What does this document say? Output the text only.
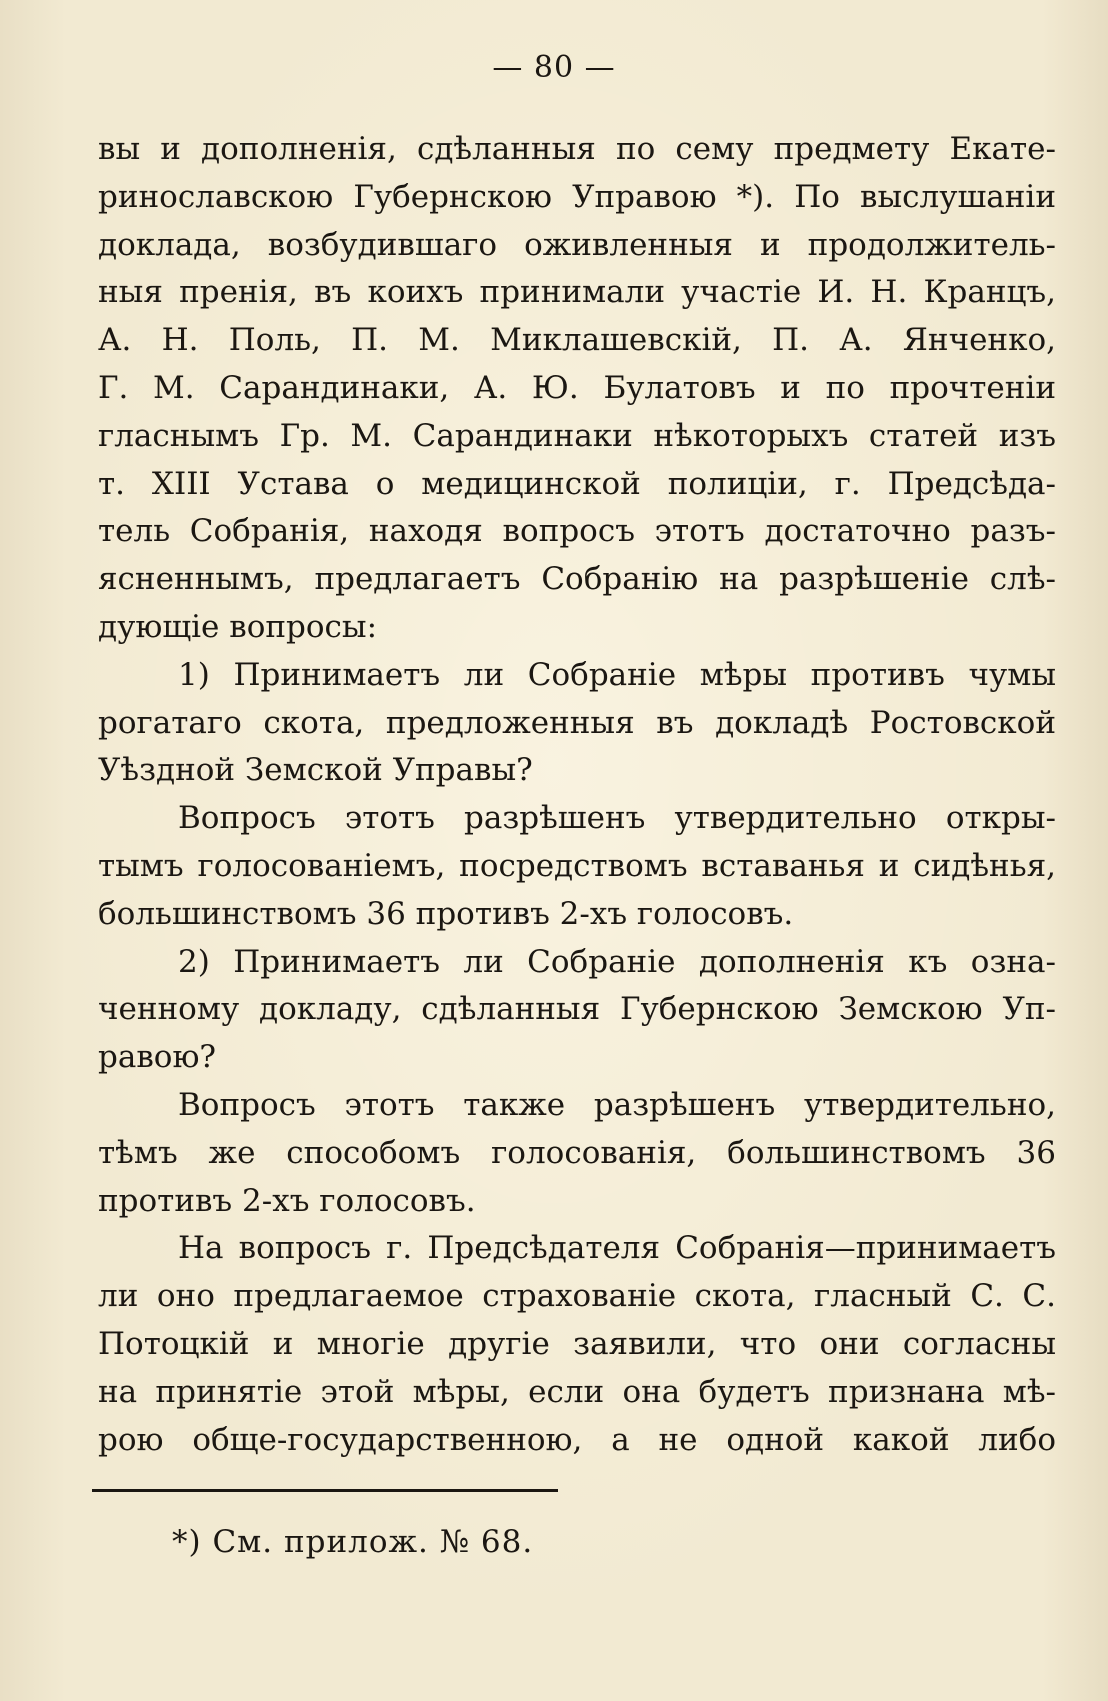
— 80 —
вы и дополненія, сдѣланныя по сему предмету Екате-
ринославскою Губернскою Управою *). По выслушаніи
доклада, возбудившаго оживленныя и продолжитель-
ныя пренія, въ коихъ принимали участіе И. Н. Кранцъ,
А. Н. Поль, П. М. Миклашевскій, П. А. Янченко,
Г. М. Сарандинаки, А. Ю. Булатовъ и по прочтеніи
гласнымъ Гр. М. Сарандинаки нѣкоторыхъ статей изъ
т. XIII Устава о медицинской полиціи, г. Предсѣда-
тель Собранія, находя вопросъ этотъ достаточно разъ-
ясненнымъ, предлагаетъ Собранію на разрѣшеніе слѣ-
дующіе вопросы:
1) Принимаетъ ли Собраніе мѣры противъ чумы
рогатаго скота, предложенныя въ докладѣ Ростовской
Уѣздной Земской Управы?
Вопросъ этотъ разрѣшенъ утвердительно откры-
тымъ голосованіемъ, посредствомъ вставанья и сидѣнья,
большинствомъ 36 противъ 2-хъ голосовъ.
2) Принимаетъ ли Собраніе дополненія къ озна-
ченному докладу, сдѣланныя Губернскою Земскою Уп-
равою?
Вопросъ этотъ также разрѣшенъ утвердительно,
тѣмъ же способомъ голосованія, большинствомъ 36
противъ 2-хъ голосовъ.
На вопросъ г. Предсѣдателя Собранія—принимаетъ
ли оно предлагаемое страхованіе скота, гласный С. С.
Потоцкій и многіе другіе заявили, что они согласны
на принятіе этой мѣры, если она будетъ признана мѣ-
рою обще-государственною, а не одной какой либо
*) См. прилож. № 68.
